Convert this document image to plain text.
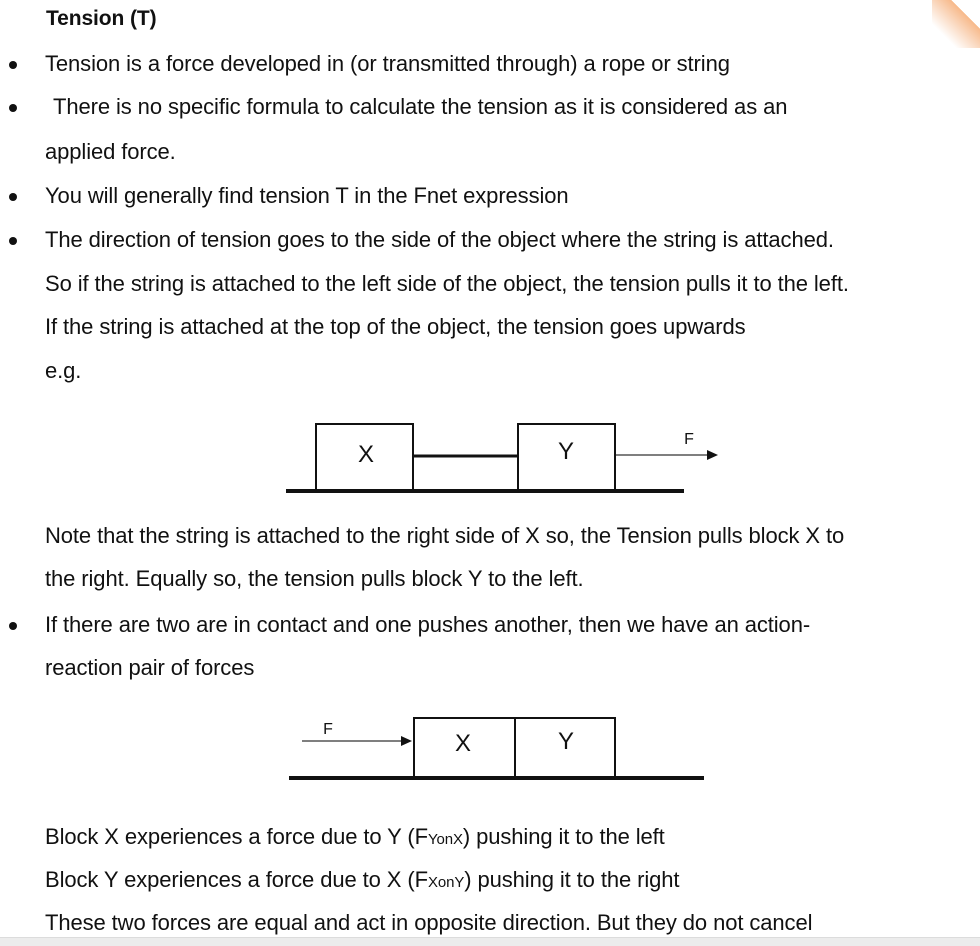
Tension (T)
Tension is a force developed in (or transmitted through) a rope or string
There is no specific formula to calculate the tension as it is considered as an
applied force.
You will generally find tension T in the Fnet expression
The direction of tension goes to the side of the object where the string is attached.
So if the string is attached to the left side of the object, the tension pulls it to the left.
If the string is attached at the top of the object, the tension goes upwards
e.g.
X	Y	F
Note that the string is attached to the right side of X so, the Tension pulls block X to
the right. Equally so, the tension pulls block Y to the left.
If there are two are in contact and one pushes another, then we have an action-
reaction pair of forces
X	Y
F
Block X experiences a force due to Y (FYonX) pushing it to the left
Block Y experiences a force due to X (FXonY) pushing it to the right
These two forces are equal and act in opposite direction. But they do not cancel
